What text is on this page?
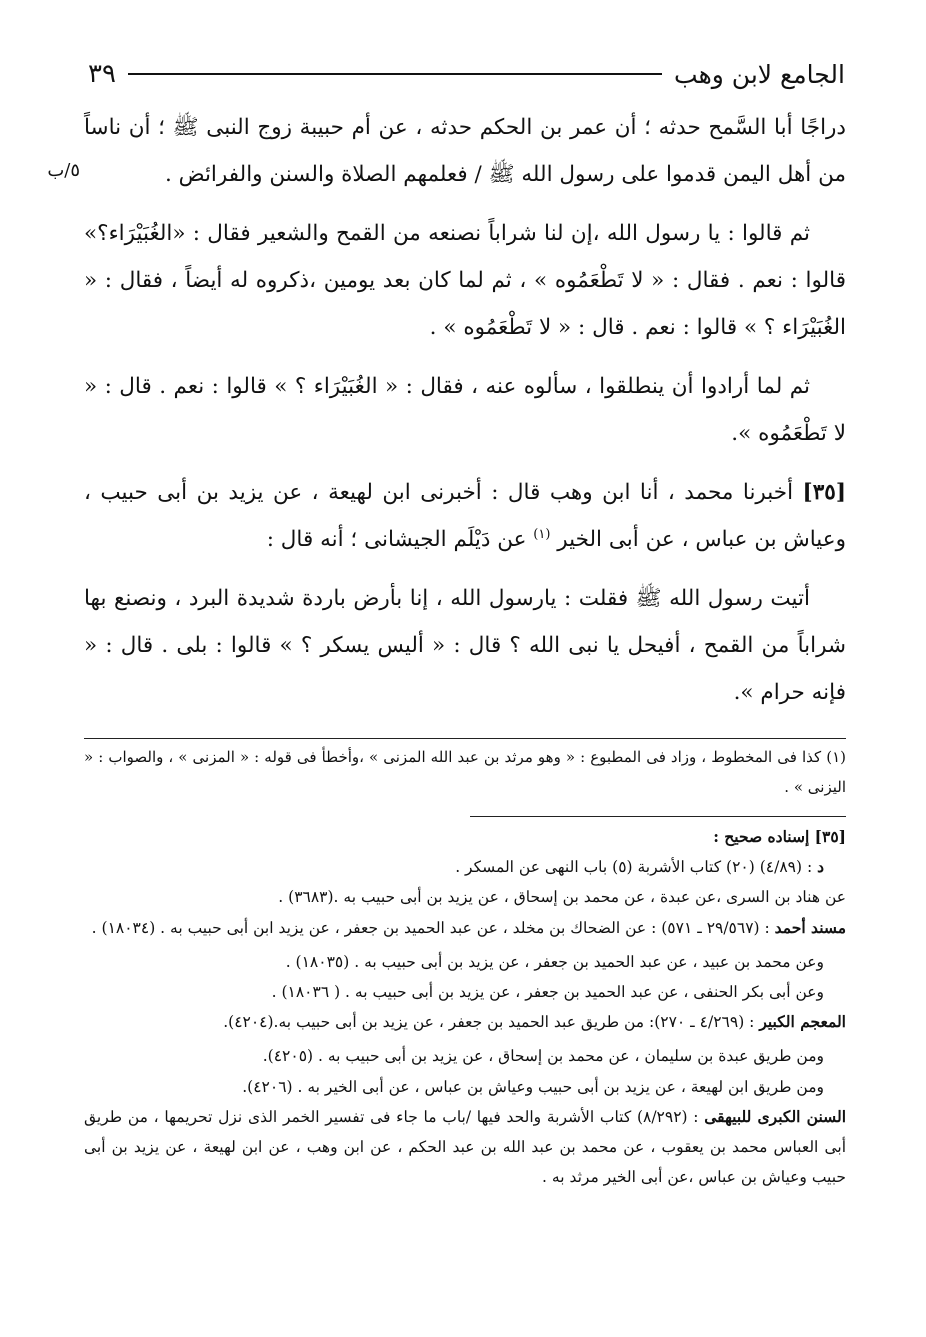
الجامع لابن وهب
٣٩
٥/ب

دراجًا أبا السَّمح حدثه ؛ أن عمر بن الحكم حدثه ، عن أم حبيبة زوج النبى ﷺ ؛ أن ناساً من أهل اليمن قدموا على رسول الله ﷺ / فعلمهم الصلاة والسنن والفرائض .

ثم قالوا : يا رسول الله ،إن لنا شراباً نصنعه من القمح والشعير فقال : «الغُبَيْرَاء؟» قالوا : نعم . فقال : « لا تَطْعَمُوه » ، ثم لما كان بعد يومين ،ذكروه له أيضاً ، فقال : « الغُبَيْرَاء ؟ » قالوا : نعم . قال : « لا تَطْعَمُوه » .

ثم لما أرادوا أن ينطلقوا ، سألوه عنه ، فقال : « الغُبَيْرَاء ؟ » قالوا : نعم . قال : « لا تَطْعَمُوه ».

[٣٥] أخبرنا محمد ، أنا ابن وهب قال : أخبرنى ابن لهيعة ، عن يزيد بن أبى حبيب ، وعياش بن عباس ، عن أبى الخير $^{(١)}$ عن دَيْلَم الجيشانى ؛ أنه قال :

أتيت رسول الله ﷺ فقلت : يارسول الله ، إنا بأرض باردة شديدة البرد ، ونصنع بها شراباً من القمح ، أفيحل يا نبى الله ؟ قال : « أليس يسكر ؟ » قالوا : بلى . قال : « فإنه حرام ».

(١) كذا فى المخطوط ، وزاد فى المطبوع : « وهو مرثد بن عبد الله المزنى » ،وأخطأ فى قوله : « المزنى » ، والصواب : « اليزنى » .
[٣٥] إسناده صحيح :
د : (٤/٨٩) (٢٠) كتاب الأشربة (٥) باب النهى عن المسكر .
عن هناد بن السرى ،عن عبدة ، عن محمد بن إسحاق ، عن يزيد بن أبى حبيب به .(٣٦٨٣) .
مسند أحمد : (٢٩/٥٦٧ ـ ٥٧١) : عن الضحاك بن مخلد ، عن عبد الحميد بن جعفر ، عن يزيد ابن أبى حبيب به . (١٨٠٣٤) .
وعن محمد بن عبيد ، عن عبد الحميد بن جعفر ، عن يزيد بن أبى حبيب به . (١٨٠٣٥) .
وعن أبى بكر الحنفى ، عن عبد الحميد بن جعفر ، عن يزيد بن أبى حبيب به . ( ١٨٠٣٦) .
المعجم الكبير : (٤/٢٦٩ ـ ٢٧٠): من طريق عبد الحميد بن جعفر ، عن يزيد بن أبى حبيب به.(٤٢٠٤).
ومن طريق عبدة بن سليمان ، عن محمد بن إسحاق ، عن يزيد بن أبى حبيب به . (٤٢٠٥).
ومن طريق ابن لهيعة ، عن يزيد بن أبى حبيب وعياش بن عباس ، عن أبى الخير به . (٤٢٠٦).
السنن الكبرى للبيهقى : (٨/٢٩٢) كتاب الأشربة والحد فيها /باب ما جاء فى تفسير الخمر الذى نزل تحريمها ، من طريق أبى العباس محمد بن يعقوب ، عن محمد بن عبد الله بن عبد الحكم ، عن ابن وهب ، عن ابن لهيعة ، عن يزيد بن أبى حبيب وعياش بن عباس ،عن أبى الخير مرثد به .
